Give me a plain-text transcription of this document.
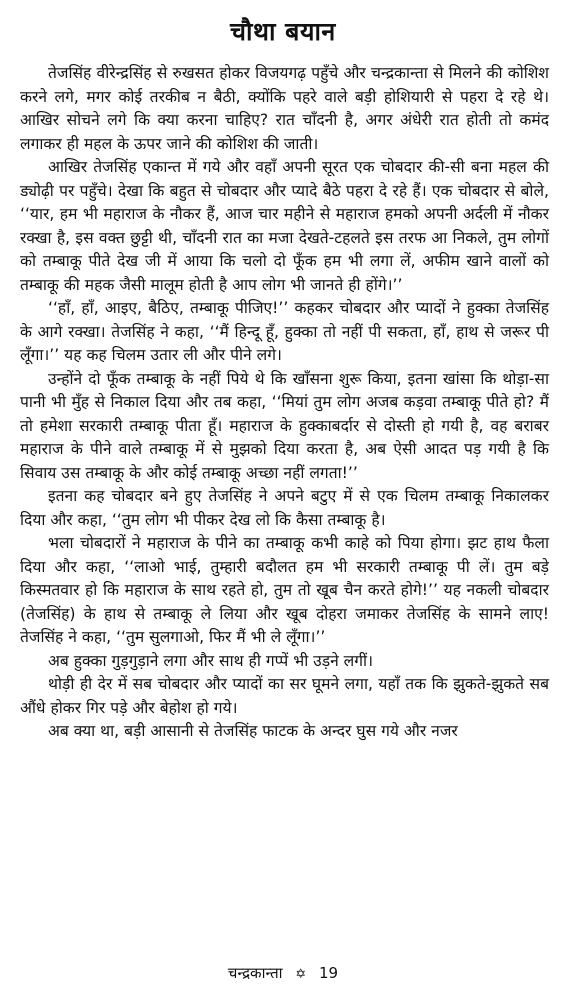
चौथा बयान

तेजसिंह वीरेन्द्रसिंह से रुखसत होकर विजयगढ़ पहुँचे और चन्द्रकान्ता से मिलने की कोशिश करने लगे, मगर कोई तरकीब न बैठी, क्योंकि पहरे वाले बड़ी होशियारी से पहरा दे रहे थे। आखिर सोचने लगे कि क्या करना चाहिए? रात चाँदनी है, अगर अंधेरी रात होती तो कमंद लगाकर ही महल के ऊपर जाने की कोशिश की जाती।

आखिर तेजसिंह एकान्त में गये और वहाँ अपनी सूरत एक चोबदार की-सी बना महल की ड्योढ़ी पर पहुँचे। देखा कि बहुत से चोबदार और प्यादे बैठे पहरा दे रहे हैं। एक चोबदार से बोले, ‘‘यार, हम भी महाराज के नौकर हैं, आज चार महीने से महाराज हमको अपनी अर्दली में नौकर रक्खा है, इस वक्त छुट्टी थी, चाँदनी रात का मजा देखते-टहलते इस तरफ आ निकले, तुम लोगों को तम्बाकू पीते देख जी में आया कि चलो दो फूँक हम भी लगा लें, अफीम खाने वालों को तम्बाकू की महक जैसी मालूम होती है आप लोग भी जानते ही होंगे।’’

‘‘हाँ, हाँ, आइए, बैठिए, तम्बाकू पीजिए!’’ कहकर चोबदार और प्यादों ने हुक्का तेजसिंह के आगे रक्खा। तेजसिंह ने कहा, ‘‘मैं हिन्दू हूँ, हुक्का तो नहीं पी सकता, हाँ, हाथ से जरूर पी लूँगा।’’ यह कह चिलम उतार ली और पीने लगे।

उन्होंने दो फूँक तम्बाकू के नहीं पिये थे कि खाँसना शुरू किया, इतना खांसा कि थोड़ा-सा पानी भी मुँह से निकाल दिया और तब कहा, ‘‘मियां तुम लोग अजब कड़वा तम्बाकू पीते हो? मैं तो हमेशा सरकारी तम्बाकू पीता हूँ। महाराज के हुक्काबर्दार से दोस्ती हो गयी है, वह बराबर महाराज के पीने वाले तम्बाकू में से मुझको दिया करता है, अब ऐसी आदत पड़ गयी है कि सिवाय उस तम्बाकू के और कोई तम्बाकू अच्छा नहीं लगता!’’

इतना कह चोबदार बने हुए तेजसिंह ने अपने बटुए में से एक चिलम तम्बाकू निकालकर दिया और कहा, ‘‘तुम लोग भी पीकर देख लो कि कैसा तम्बाकू है।

भला चोबदारों ने महाराज के पीने का तम्बाकू कभी काहे को पिया होगा। झट हाथ फैला दिया और कहा, ‘‘लाओ भाई, तुम्हारी बदौलत हम भी सरकारी तम्बाकू पी लें। तुम बड़े किस्मतवार हो कि महाराज के साथ रहते हो, तुम तो खूब चैन करते होगे!’’ यह नकली चोबदार (तेजसिंह) के हाथ से तम्बाकू ले लिया और खूब दोहरा जमाकर तेजसिंह के सामने लाए! तेजसिंह ने कहा, ‘‘तुम सुलगाओ, फिर मैं भी ले लूँगा।’’

अब हुक्का गुड़गुड़ाने लगा और साथ ही गप्पें भी उड़ने लगीं।

थोड़ी ही देर में सब चोबदार और प्यादों का सर घूमने लगा, यहाँ तक कि झुकते-झुकते सब औंधे होकर गिर पड़े और बेहोश हो गये।

अब क्या था, बड़ी आसानी से तेजसिंह फाटक के अन्दर घुस गये और नजर

चन्द्रकान्ता ✡ 19
